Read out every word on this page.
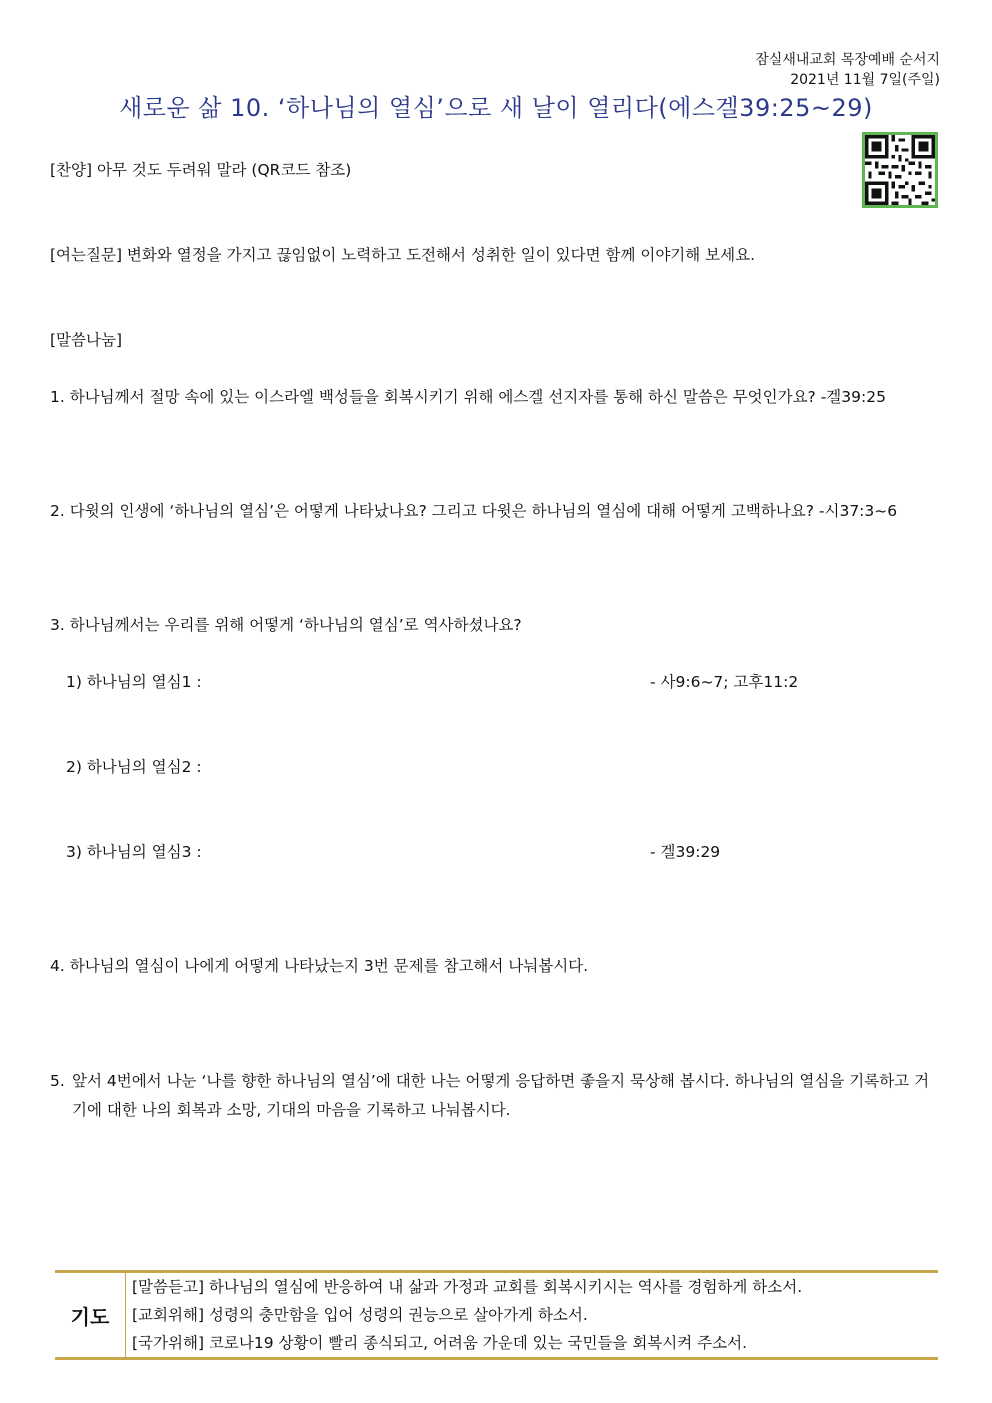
잠실새내교회 목장예배 순서지
2021년 11월 7일(주일)
새로운 삶 10. ‘하나님의 열심’으로 새 날이 열리다(에스겔39:25~29)
[찬양] 아무 것도 두려워 말라 (QR코드 참조)
[여는질문] 변화와 열정을 가지고 끊임없이 노력하고 도전해서 성취한 일이 있다면 함께 이야기해 보세요.
[말씀나눔]
1. 하나님께서 절망 속에 있는 이스라엘 백성들을 회복시키기 위해 에스겔 선지자를 통해 하신 말씀은 무엇인가요? -겔39:25
2. 다윗의 인생에 ‘하나님의 열심’은 어떻게 나타났나요? 그리고 다윗은 하나님의 열심에 대해 어떻게 고백하나요? -시37:3~6
3. 하나님께서는 우리를 위해 어떻게 ‘하나님의 열심’로 역사하셨나요?
1) 하나님의 열심1 :	- 사9:6~7; 고후11:2
2) 하나님의 열심2 :
3) 하나님의 열심3 :	- 겔39:29
4. 하나님의 열심이 나에게 어떻게 나타났는지 3번 문제를 참고해서 나눠봅시다.
5. 앞서 4번에서 나눈 ‘나를 향한 하나님의 열심’에 대한 나는 어떻게 응답하면 좋을지 묵상해 봅시다. 하나님의 열심을 기록하고 거기에 대한 나의 회복과 소망, 기대의 마음을 기록하고 나눠봅시다.
기도
[말씀듣고] 하나님의 열심에 반응하여 내 삶과 가정과 교회를 회복시키시는 역사를 경험하게 하소서.
[교회위해] 성령의 충만함을 입어 성령의 권능으로 살아가게 하소서.
[국가위해] 코로나19 상황이 빨리 종식되고, 어려움 가운데 있는 국민들을 회복시켜 주소서.
